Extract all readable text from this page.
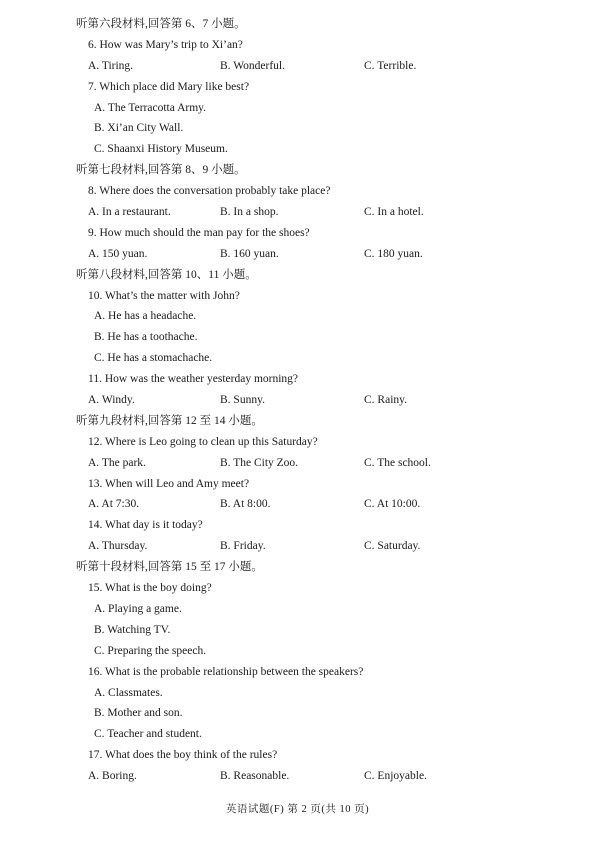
听第六段材料,回答第 6、7 小题。
6. How was Mary’s trip to Xi’an?
A. Tiring.	B. Wonderful.	C. Terrible.
7. Which place did Mary like best?
A. The Terracotta Army.
B. Xi’an City Wall.
C. Shaanxi History Museum.
听第七段材料,回答第 8、9 小题。
8. Where does the conversation probably take place?
A. In a restaurant.	B. In a shop.	C. In a hotel.
9. How much should the man pay for the shoes?
A. 150 yuan.	B. 160 yuan.	C. 180 yuan.
听第八段材料,回答第 10、11 小题。
10. What’s the matter with John?
A. He has a headache.
B. He has a toothache.
C. He has a stomachache.
11. How was the weather yesterday morning?
A. Windy.	B. Sunny.	C. Rainy.
听第九段材料,回答第 12 至 14 小题。
12. Where is Leo going to clean up this Saturday?
A. The park.	B. The City Zoo.	C. The school.
13. When will Leo and Amy meet?
A. At 7:30.	B. At 8:00.	C. At 10:00.
14. What day is it today?
A. Thursday.	B. Friday.	C. Saturday.
听第十段材料,回答第 15 至 17 小题。
15. What is the boy doing?
A. Playing a game.
B. Watching TV.
C. Preparing the speech.
16. What is the probable relationship between the speakers?
A. Classmates.
B. Mother and son.
C. Teacher and student.
17. What does the boy think of the rules?
A. Boring.	B. Reasonable.	C. Enjoyable.
英语试题(F) 第 2 页(共 10 页)
